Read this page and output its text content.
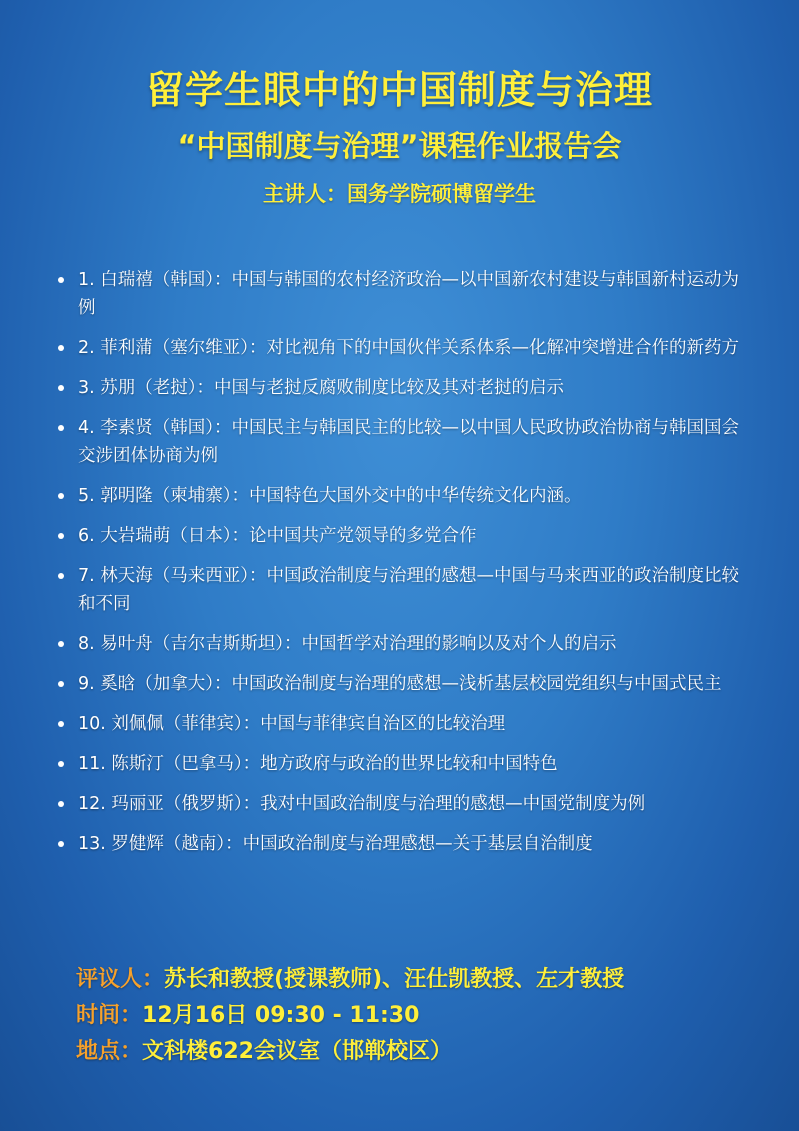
留学生眼中的中国制度与治理
“中国制度与治理”课程作业报告会
主讲人：国务学院硕博留学生
1. 白瑞禧（韩国）：中国与韩国的农村经济政治—以中国新农村建设与韩国新村运动为例
2. 菲利蒲（塞尔维亚）：对比视角下的中国伙伴关系体系—化解冲突增进合作的新药方
3. 苏朋（老挝）：中国与老挝反腐败制度比较及其对老挝的启示
4. 李素贤（韩国）：中国民主与韩国民主的比较—以中国人民政协政治协商与韩国国会交涉团体协商为例
5. 郭明隆（柬埔寨）：中国特色大国外交中的中华传统文化内涵。
6. 大岩瑞萌（日本）：论中国共产党领导的多党合作
7. 林天海（马来西亚）：中国政治制度与治理的感想—中国与马来西亚的政治制度比较和不同
8. 易叶舟（吉尔吉斯斯坦）：中国哲学对治理的影响以及对个人的启示
9. 奚晗（加拿大）：中国政治制度与治理的感想—浅析基层校园党组织与中国式民主
10. 刘佩佩（菲律宾）：中国与菲律宾自治区的比较治理
11. 陈斯汀（巴拿马）：地方政府与政治的世界比较和中国特色
12. 玛丽亚（俄罗斯）：我对中国政治制度与治理的感想—中国党制度为例
13. 罗健辉（越南）：中国政治制度与治理感想—关于基层自治制度
评议人：苏长和教授(授课教师)、汪仕凯教授、左才教授
时间：12月16日 09:30 - 11:30
地点：文科楼622会议室（邯郸校区）
